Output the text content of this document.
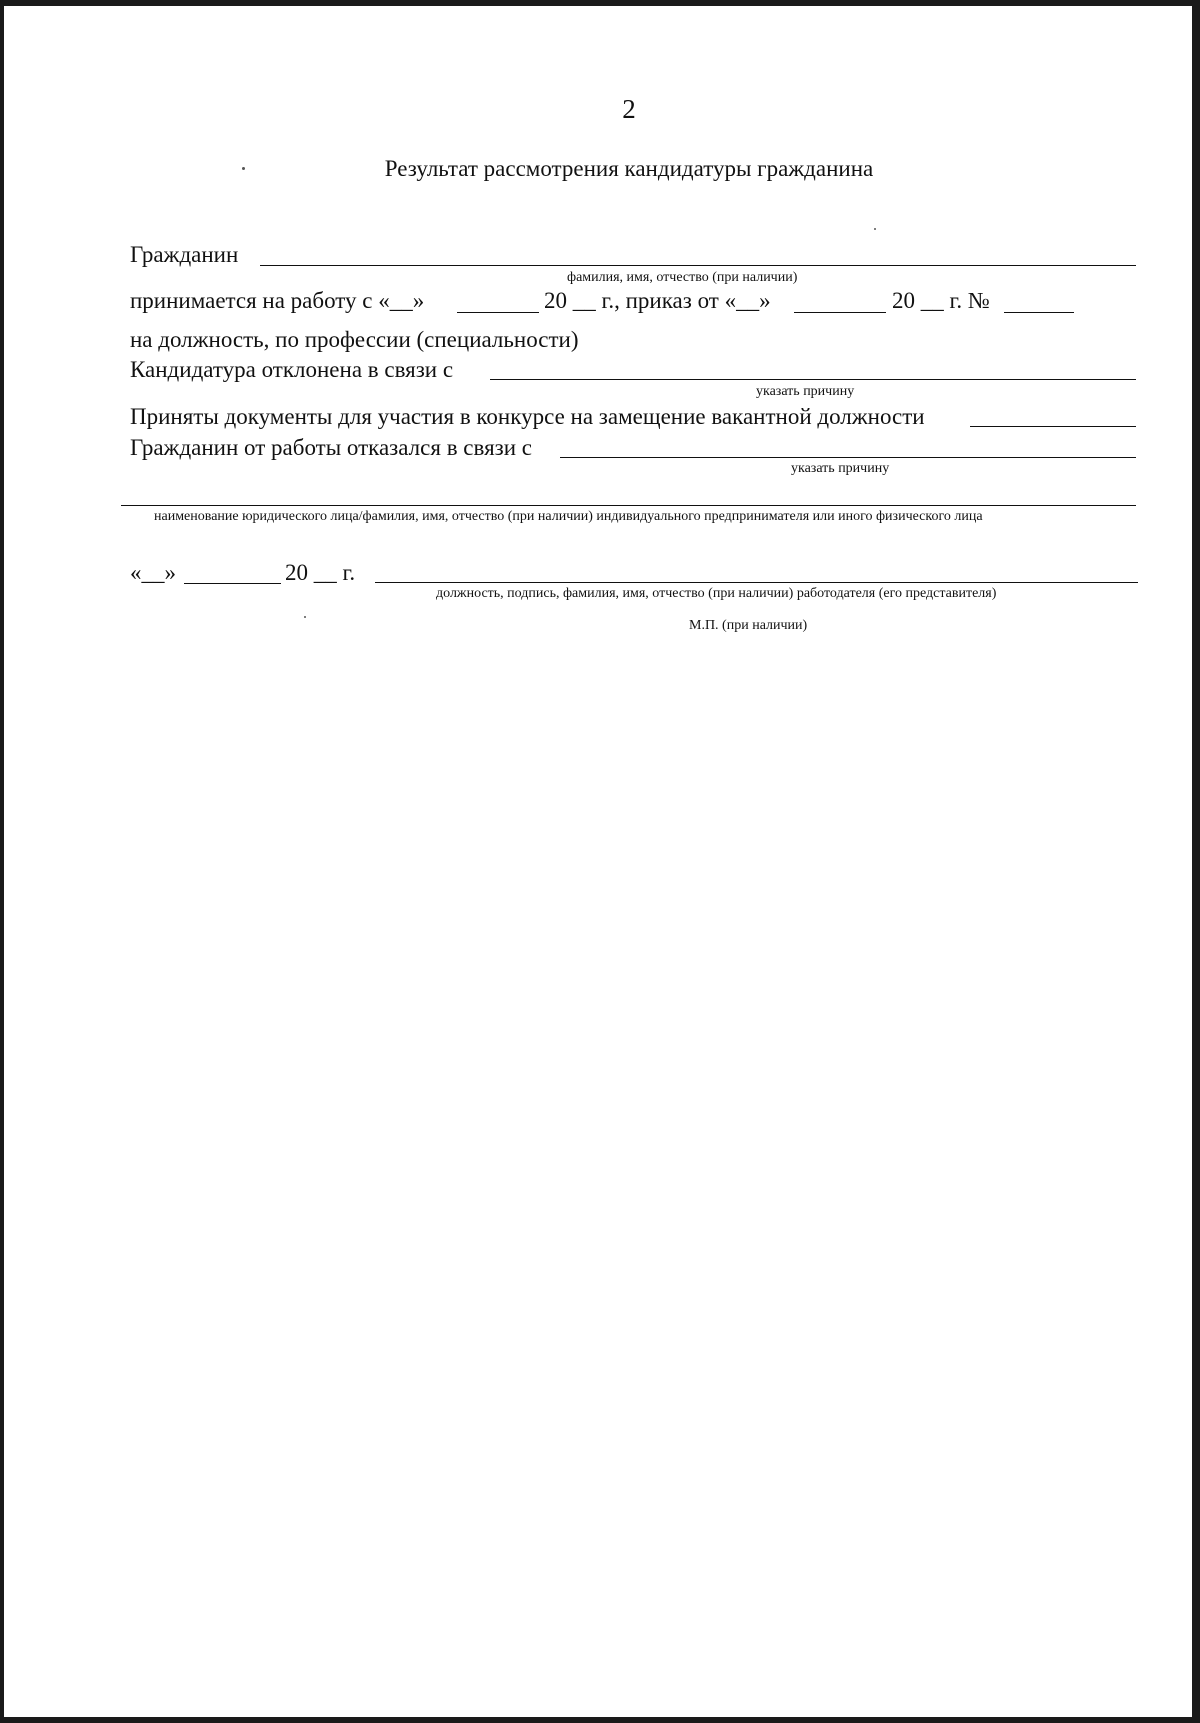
2
Результат рассмотрения кандидатуры гражданина
Гражданин
фамилия, имя, отчество (при наличии)
принимается на работу с «__»	20 __ г., приказ от «__»	20 __ г. №
на должность, по профессии (специальности)
Кандидатура отклонена в связи с
указать причину
Приняты документы для участия в конкурсе на замещение вакантной должности
Гражданин от работы отказался в связи с
указать причину
наименование юридического лица/фамилия, имя, отчество (при наличии) индивидуального предпринимателя или иного физического лица
«__»	20 __ г.
должность, подпись, фамилия, имя, отчество (при наличии) работодателя (его представителя)
М.П. (при наличии)
